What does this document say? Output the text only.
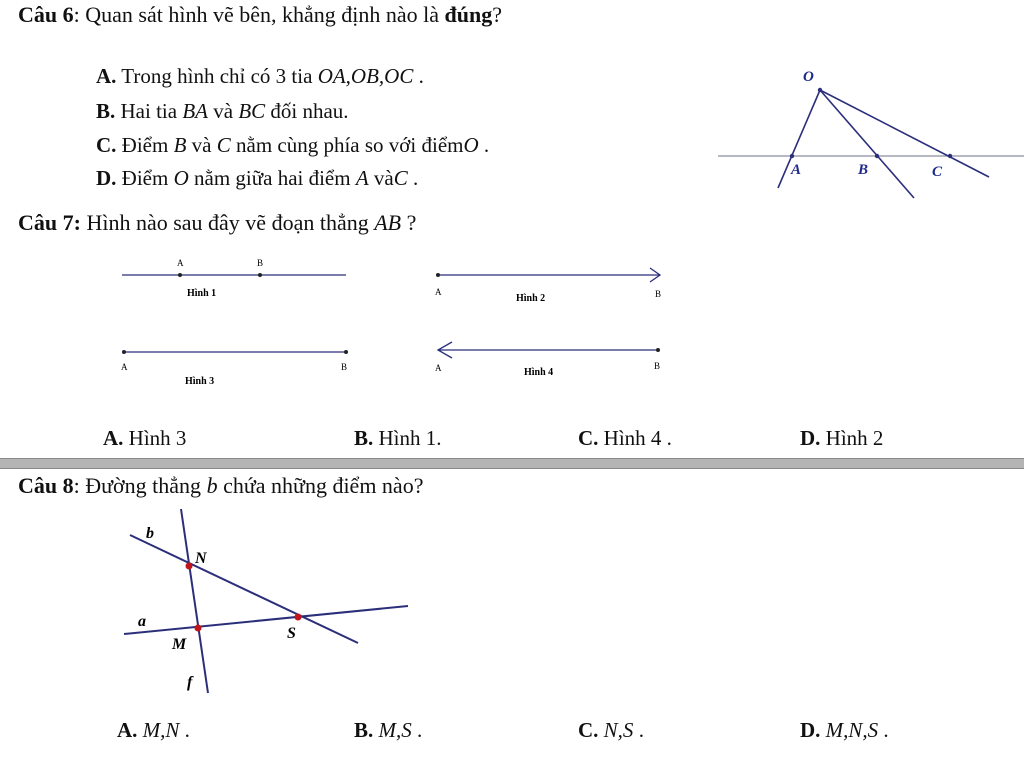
Câu 6: Quan sát hình vẽ bên, khẳng định nào là đúng?
A. Trong hình chỉ có 3 tia OA,OB,OC .
B. Hai tia BA và BC đối nhau.
C. Điểm B và C nằm cùng phía so với điểmO .
D. Điểm O nằm giữa hai điểm A vàC .
O
A	B	C
Câu 7: Hình nào sau đây vẽ đoạn thẳng AB ?
A	B
Hình 1	A	B
Hình 2
A	B
Hình 3
A	B
Hình 4
A. Hình 3	B. Hình 1.	C. Hình 4 .	D. Hình 2
Câu 8: Đường thẳng b chứa những điểm nào?
b
a
f
N
M
S
A. M,N .	B. M,S .	C. N,S .	D. M,N,S .
